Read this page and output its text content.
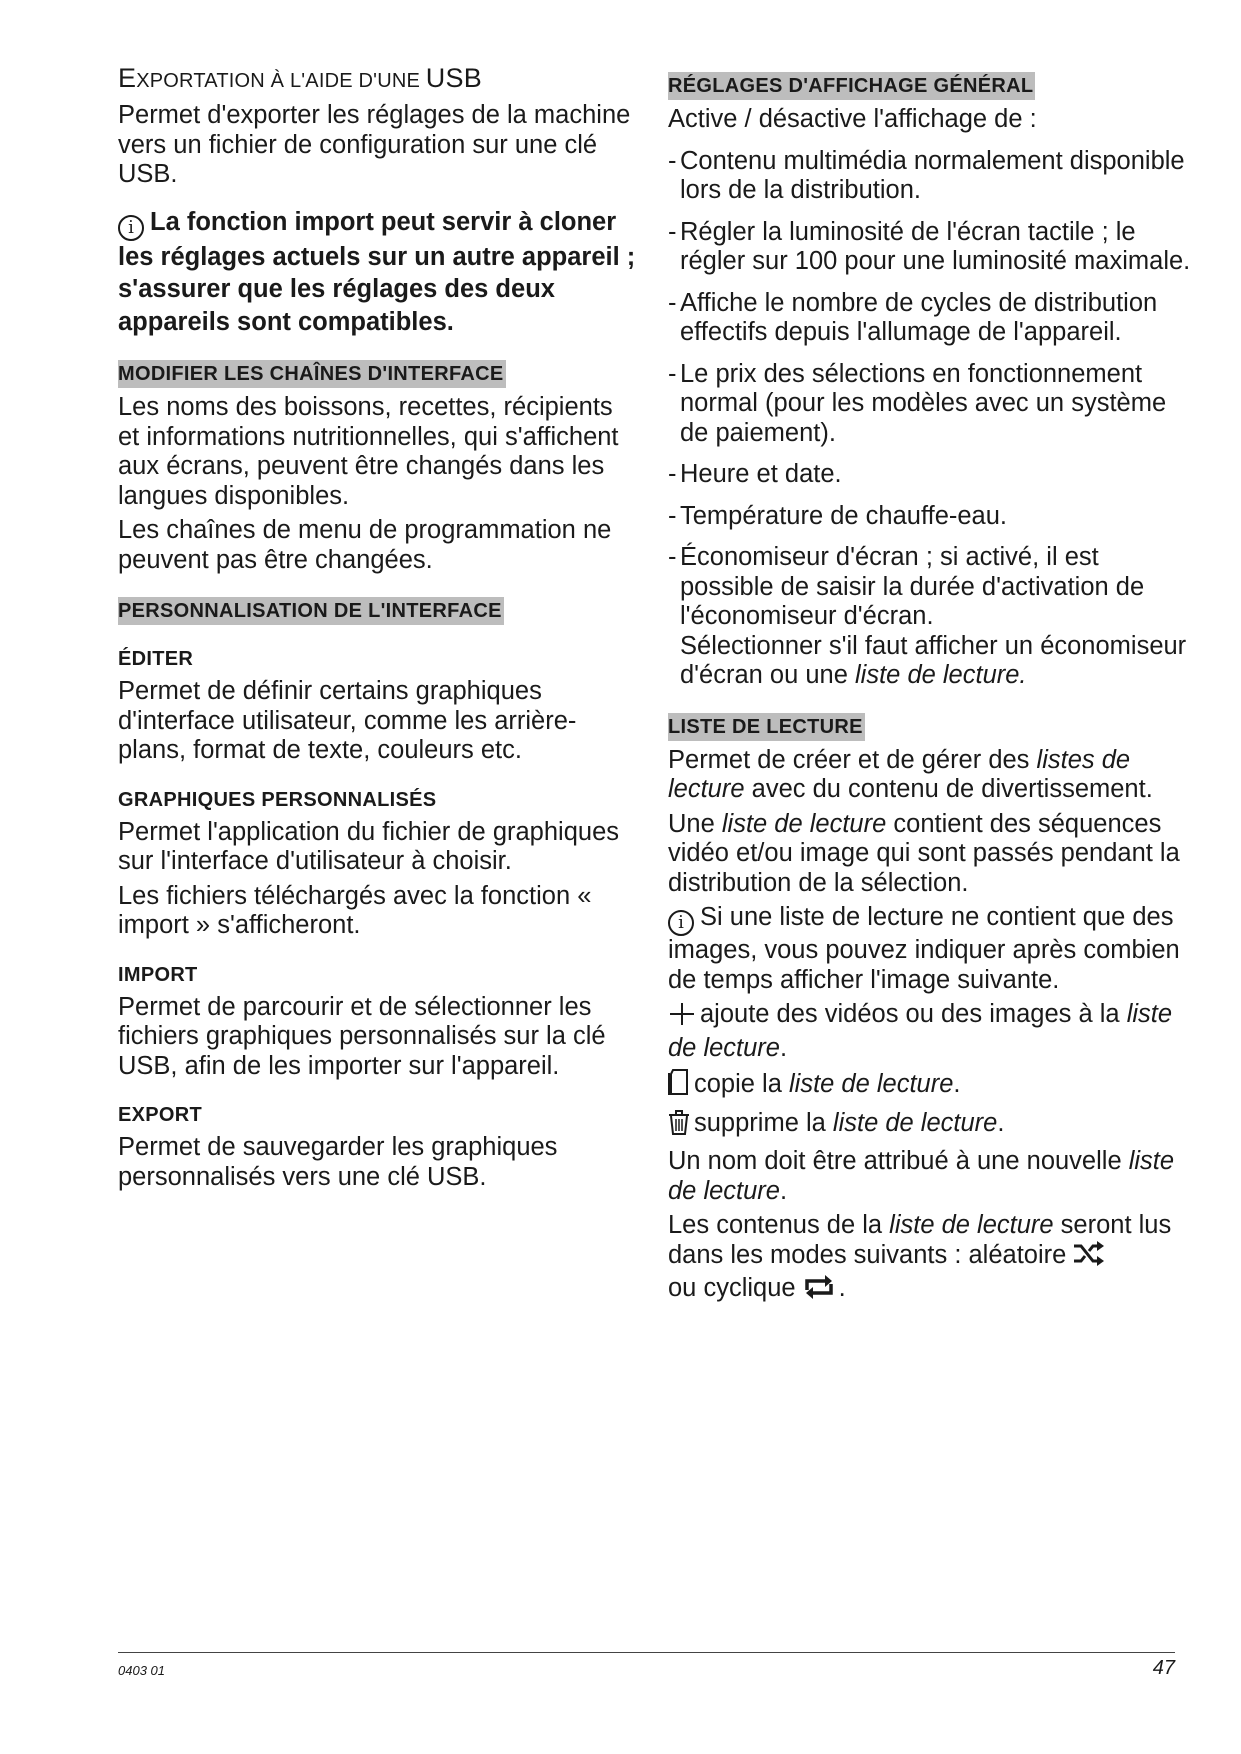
EXPORTATION À L'AIDE D'UNE USB

Permet d'exporter les réglages de la machine vers un fichier de configuration sur une clé USB.

i La fonction import peut servir à cloner les réglages actuels sur un autre appareil ; s'assurer que les réglages des deux appareils sont compatibles.

MODIFIER LES CHAÎNES D'INTERFACE

Les noms des boissons, recettes, récipients et informations nutritionnelles, qui s'affichent aux écrans, peuvent être changés dans les langues disponibles.

Les chaînes de menu de programmation ne peuvent pas être changées.

PERSONNALISATION DE L'INTERFACE
ÉDITER

Permet de définir certains graphiques d'interface utilisateur, comme les arrière-plans, format de texte, couleurs etc.

GRAPHIQUES PERSONNALISÉS

Permet l'application du fichier de graphiques sur l'interface d'utilisateur à choisir.

Les fichiers téléchargés avec la fonction « import » s'afficheront.

IMPORT

Permet de parcourir et de sélectionner les fichiers graphiques personnalisés sur la clé USB, afin de les importer sur l'appareil.

EXPORT

Permet de sauvegarder les graphiques personnalisés vers une clé USB.

RÉGLAGES D'AFFICHAGE GÉNÉRAL

Active / désactive l'affichage de :

- Contenu multimédia normalement disponible lors de la distribution.
- Régler la luminosité de l'écran tactile ; le régler sur 100 pour une luminosité maximale.
- Affiche le nombre de cycles de distribution effectifs depuis l'allumage de l'appareil.
- Le prix des sélections en fonctionnement normal (pour les modèles avec un système de paiement).
- Heure et date.
- Température de chauffe-eau.
- Économiseur d'écran ; si activé, il est possible de saisir la durée d'activation de l'économiseur d'écran.
Sélectionner s'il faut afficher un économiseur d'écran ou une liste de lecture.
LISTE DE LECTURE

Permet de créer et de gérer des listes de lecture avec du contenu de divertissement.

Une liste de lecture contient des séquences vidéo et/ou image qui sont passés pendant la distribution de la sélection.

i Si une liste de lecture ne contient que des images, vous pouvez indiquer après combien de temps afficher l'image suivante.

ajoute des vidéos ou des images à la liste de lecture.

copie la liste de lecture.

supprime la liste de lecture.

Un nom doit être attribué à une nouvelle liste de lecture.

Les contenus de la liste de lecture seront lus dans les modes suivants : aléatoire
ou cyclique .

0403 01	47
